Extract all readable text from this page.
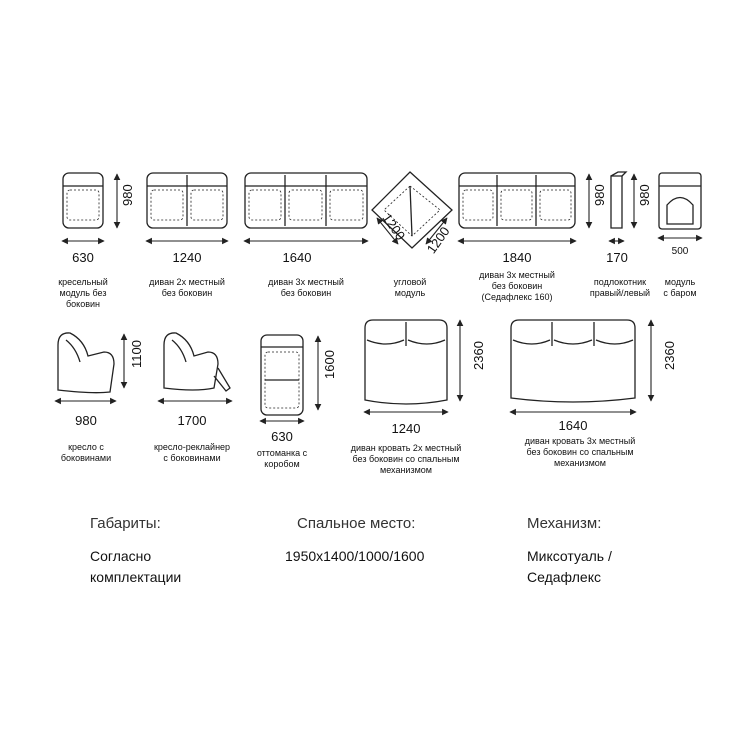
980
630
кресельный модуль без боковин
1240
диван 2х местный без боковин
1640
диван 3х местный без боковин
1200 1200
угловой модуль
980
1840
диван 3х местный без боковин (Седафлекс 160)
980
170
подлокотник правый/левый
500
модуль с баром
1100
980
кресло с боковинами
1700
кресло-реклайнер с боковинами
1600
630
оттоманка с коробом
2360
1240
диван кровать 2х местный без боковин со спальным механизмом
2360
1640
диван кровать 3х местный без боковин со спальным механизмом
Габариты:
Согласно
комплектации
Спальное место:
1950х1400/1000/1600
Механизм:
Миксотуаль /
Седафлекс
